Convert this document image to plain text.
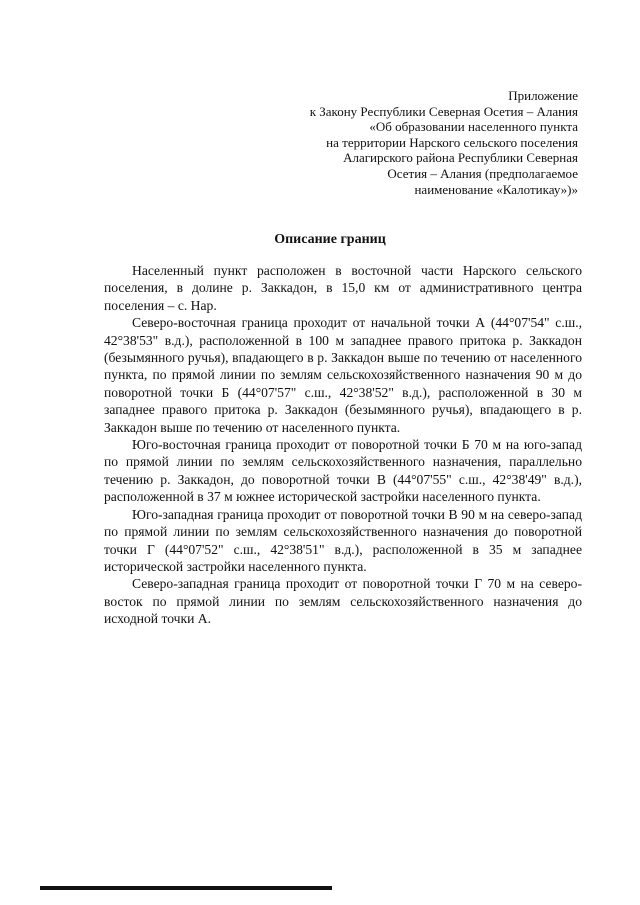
Приложение
к Закону Республики Северная Осетия – Алания
«Об образовании населенного пункта
на территории Нарского сельского поселения
Алагирского района Республики Северная
Осетия – Алания (предполагаемое
наименование «Калотикау»)»
Описание границ

Населенный пункт расположен в восточной части Нарского сельского поселения, в долине р. Заккадон, в 15,0 км от административного центра поселения – с. Нар.

Северо-восточная граница проходит от начальной точки А (44°07'54" с.ш., 42°38'53" в.д.), расположенной в 100 м западнее правого притока р. Заккадон (безымянного ручья), впадающего в р. Заккадон выше по течению от населенного пункта, по прямой линии по землям сельскохозяйственного назначения 90 м до поворотной точки Б (44°07'57" с.ш., 42°38'52" в.д.), расположенной в 30 м западнее правого притока р. Заккадон (безымянного ручья), впадающего в р. Заккадон выше по течению от населенного пункта.

Юго-восточная граница проходит от поворотной точки Б 70 м на юго-запад по прямой линии по землям сельскохозяйственного назначения, параллельно течению р. Заккадон, до поворотной точки В (44°07'55" с.ш., 42°38'49" в.д.), расположенной в 37 м южнее исторической застройки населенного пункта.

Юго-западная граница проходит от поворотной точки В 90 м на северо-запад по прямой линии по землям сельскохозяйственного назначения до поворотной точки Г (44°07'52" с.ш., 42°38'51" в.д.), расположенной в 35 м западнее исторической застройки населенного пункта.

Северо-западная граница проходит от поворотной точки Г 70 м на северо-восток по прямой линии по землям сельскохозяйственного назначения до исходной точки А.
